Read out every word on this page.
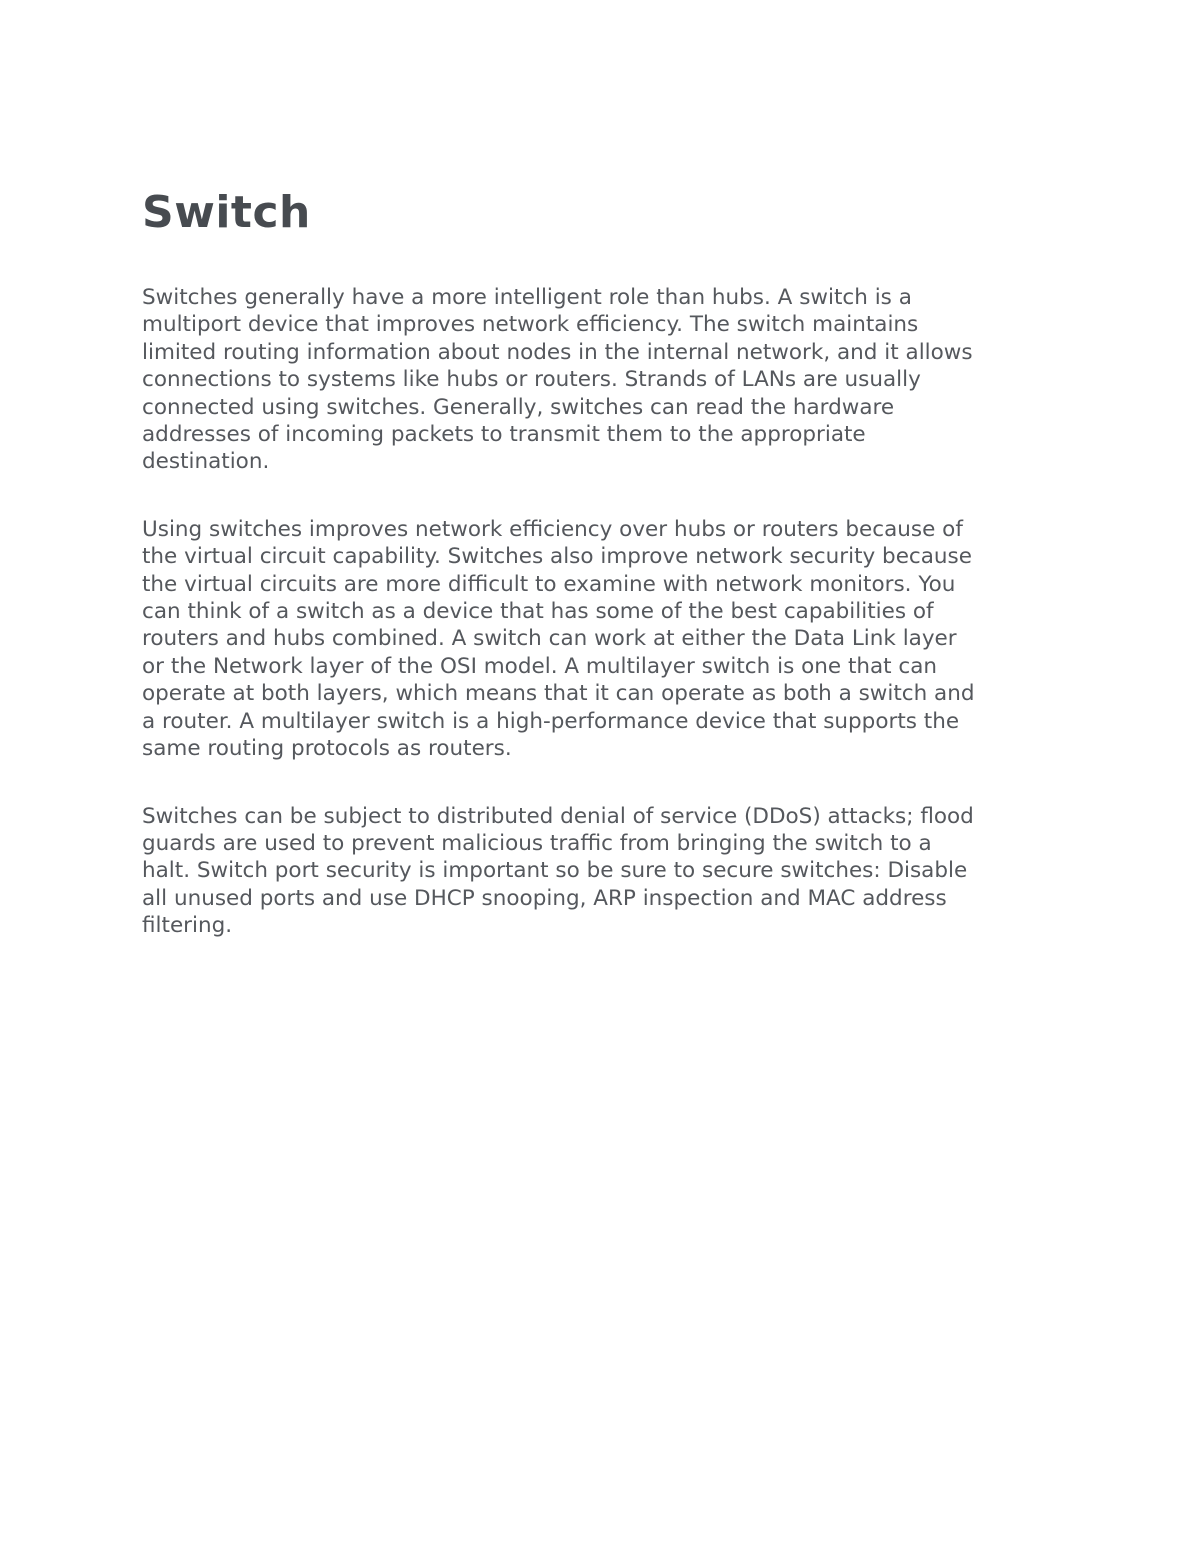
Switch

Switches generally have a more intelligent role than hubs. A switch is a
multiport device that improves network efficiency. The switch maintains
limited routing information about nodes in the internal network, and it allows
connections to systems like hubs or routers. Strands of LANs are usually
connected using switches. Generally, switches can read the hardware
addresses of incoming packets to transmit them to the appropriate
destination.

Using switches improves network efficiency over hubs or routers because of
the virtual circuit capability. Switches also improve network security because
the virtual circuits are more difficult to examine with network monitors. You
can think of a switch as a device that has some of the best capabilities of
routers and hubs combined. A switch can work at either the Data Link layer
or the Network layer of the OSI model. A multilayer switch is one that can
operate at both layers, which means that it can operate as both a switch and
a router. A multilayer switch is a high-performance device that supports the
same routing protocols as routers.

Switches can be subject to distributed denial of service (DDoS) attacks; flood
guards are used to prevent malicious traffic from bringing the switch to a
halt. Switch port security is important so be sure to secure switches: Disable
all unused ports and use DHCP snooping, ARP inspection and MAC address
filtering.
